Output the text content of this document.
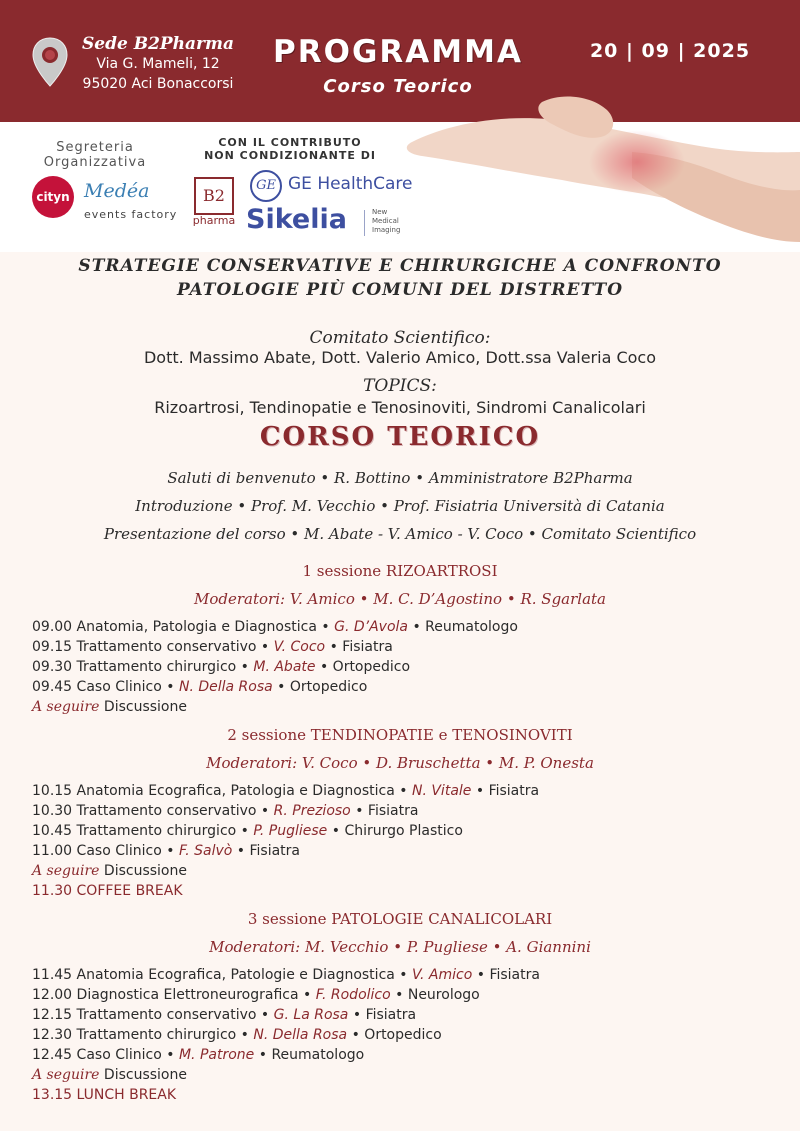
Sede B2Pharma
Via G. Mameli, 12
95020 Aci Bonaccorsi
PROGRAMMA
Corso Teorico
20 | 09 | 2025
Segreteria
Organizzativa
cityn Medéa
events factory
CON IL CONTRIBUTO
NON CONDIZIONANTE DI
B2
pharma
GE GE HealthCare
Sikelia	New Medical Imaging
STRATEGIE CONSERVATIVE E CHIRURGICHE A CONFRONTO
PATOLOGIE PIÙ COMUNI DEL DISTRETTO
Comitato Scientifico:
Dott. Massimo Abate, Dott. Valerio Amico, Dott.ssa Valeria Coco
TOPICS:
Rizoartrosi, Tendinopatie e Tenosinoviti, Sindromi Canalicolari
CORSO TEORICO
Saluti di benvenuto • R. Bottino • Amministratore B2Pharma
Introduzione • Prof. M. Vecchio • Prof. Fisiatria Università di Catania
Presentazione del corso • M. Abate - V. Amico - V. Coco • Comitato Scientifico
1 sessione RIZOARTROSI
Moderatori: V. Amico • M. C. D’Agostino • R. Sgarlata
09.00 Anatomia, Patologia e Diagnostica • G. D’Avola • Reumatologo
09.15 Trattamento conservativo • V. Coco • Fisiatra
09.30 Trattamento chirurgico • M. Abate • Ortopedico
09.45 Caso Clinico • N. Della Rosa • Ortopedico
A seguire Discussione
2 sessione TENDINOPATIE e TENOSINOVITI
Moderatori: V. Coco • D. Bruschetta • M. P. Onesta
10.15 Anatomia Ecografica, Patologia e Diagnostica • N. Vitale • Fisiatra
10.30 Trattamento conservativo • R. Prezioso • Fisiatra
10.45 Trattamento chirurgico • P. Pugliese • Chirurgo Plastico
11.00 Caso Clinico • F. Salvò • Fisiatra
A seguire Discussione
11.30 COFFEE BREAK
3 sessione PATOLOGIE CANALICOLARI
Moderatori: M. Vecchio • P. Pugliese • A. Giannini
11.45 Anatomia Ecografica, Patologie e Diagnostica • V. Amico • Fisiatra
12.00 Diagnostica Elettroneurografica • F. Rodolico • Neurologo
12.15 Trattamento conservativo • G. La Rosa • Fisiatra
12.30 Trattamento chirurgico • N. Della Rosa • Ortopedico
12.45 Caso Clinico • M. Patrone • Reumatologo
A seguire Discussione
13.15 LUNCH BREAK
